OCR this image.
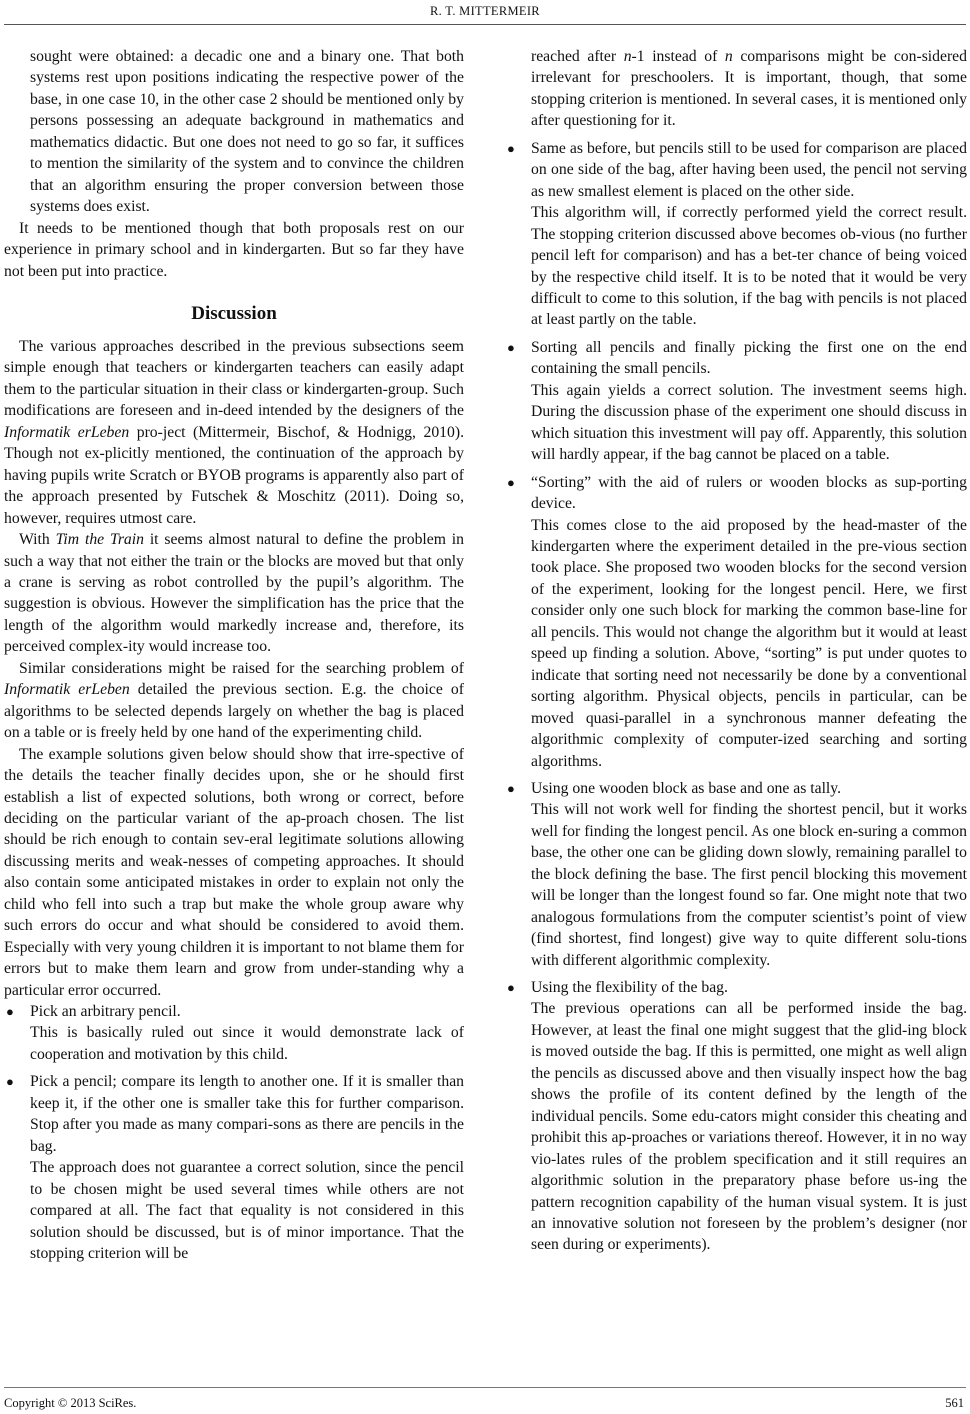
R. T. MITTERMEIR

sought were obtained: a decadic one and a binary one. That both systems rest upon positions indicating the respective power of the base, in one case 10, in the other case 2 should be mentioned only by persons possessing an adequate background in mathematics and mathematics didactic. But one does not need to go so far, it suffices to mention the similarity of the system and to convince the children that an algorithm ensuring the proper conversion between those systems does exist.

It needs to be mentioned though that both proposals rest on our experience in primary school and in kindergarten. But so far they have not been put into practice.

Discussion

The various approaches described in the previous subsections seem simple enough that teachers or kindergarten teachers can easily adapt them to the particular situation in their class or kindergarten-group. Such modifications are foreseen and in-deed intended by the designers of the Informatik erLeben pro-ject (Mittermeir, Bischof, & Hodnigg, 2010). Though not ex-plicitly mentioned, the continuation of the approach by having pupils write Scratch or BYOB programs is apparently also part of the approach presented by Futschek & Moschitz (2011). Doing so, however, requires utmost care.

With Tim the Train it seems almost natural to define the problem in such a way that not either the train or the blocks are moved but that only a crane is serving as robot controlled by the pupil’s algorithm. The suggestion is obvious. However the simplification has the price that the length of the algorithm would markedly increase and, therefore, its perceived complex-ity would increase too.

Similar considerations might be raised for the searching problem of Informatik erLeben detailed the previous section. E.g. the choice of algorithms to be selected depends largely on whether the bag is placed on a table or is freely held by one hand of the experimenting child.

The example solutions given below should show that irre-spective of the details the teacher finally decides upon, she or he should first establish a list of expected solutions, both wrong or correct, before deciding on the particular variant of the ap-proach chosen. The list should be rich enough to contain sev-eral legitimate solutions allowing discussing merits and weak-nesses of competing approaches. It should also contain some anticipated mistakes in order to explain not only the child who fell into such a trap but make the whole group aware why such errors do occur and what should be considered to avoid them. Especially with very young children it is important to not blame them for errors but to make them learn and grow from under-standing why a particular error occurred.

● Pick an arbitrary pencil.

This is basically ruled out since it would demonstrate lack of cooperation and motivation by this child.

● Pick a pencil; compare its length to another one. If it is smaller than keep it, if the other one is smaller take this for further comparison. Stop after you made as many compari-sons as there are pencils in the bag.

The approach does not guarantee a correct solution, since the pencil to be chosen might be used several times while others are not compared at all. The fact that equality is not considered in this solution should be discussed, but is of minor importance. That the stopping criterion will be

reached after n-1 instead of n comparisons might be con-sidered irrelevant for preschoolers. It is important, though, that some stopping criterion is mentioned. In several cases, it is mentioned only after questioning for it.

● Same as before, but pencils still to be used for comparison are placed on one side of the bag, after having been used, the pencil not serving as new smallest element is placed on the other side.

This algorithm will, if correctly performed yield the correct result. The stopping criterion discussed above becomes ob-vious (no further pencil left for comparison) and has a bet-ter chance of being voiced by the respective child itself. It is to be noted that it would be very difficult to come to this solution, if the bag with pencils is not placed at least partly on the table.

● Sorting all pencils and finally picking the first one on the end containing the small pencils.

This again yields a correct solution. The investment seems high. During the discussion phase of the experiment one should discuss in which situation this investment will pay off. Apparently, this solution will hardly appear, if the bag cannot be placed on a table.

● “Sorting” with the aid of rulers or wooden blocks as sup-porting device.

This comes close to the aid proposed by the head-master of the kindergarten where the experiment detailed in the pre-vious section took place. She proposed two wooden blocks for the second version of the experiment, looking for the longest pencil. Here, we first consider only one such block for marking the common base-line for all pencils. This would not change the algorithm but it would at least speed up finding a solution. Above, “sorting” is put under quotes to indicate that sorting need not necessarily be done by a conventional sorting algorithm. Physical objects, pencils in particular, can be moved quasi-parallel in a synchronous manner defeating the algorithmic complexity of computer-ized searching and sorting algorithms.

● Using one wooden block as base and one as tally.

This will not work well for finding the shortest pencil, but it works well for finding the longest pencil. As one block en-suring a common base, the other one can be gliding down slowly, remaining parallel to the block defining the base. The first pencil blocking this movement will be longer than the longest found so far. One might note that two analogous formulations from the computer scientist’s point of view (find shortest, find longest) give way to quite different solu-tions with different algorithmic complexity.

● Using the flexibility of the bag.

The previous operations can all be performed inside the bag. However, at least the final one might suggest that the glid-ing block is moved outside the bag. If this is permitted, one might as well align the pencils as discussed above and then visually inspect how the bag shows the profile of its content defined by the length of the individual pencils. Some edu-cators might consider this cheating and prohibit this ap-proaches or variations thereof. However, it in no way vio-lates rules of the problem specification and it still requires an algorithmic solution in the preparatory phase before us-ing the pattern recognition capability of the human visual system. It is just an innovative solution not foreseen by the problem’s designer (nor seen during or experiments).

Copyright © 2013 SciRes.	561
